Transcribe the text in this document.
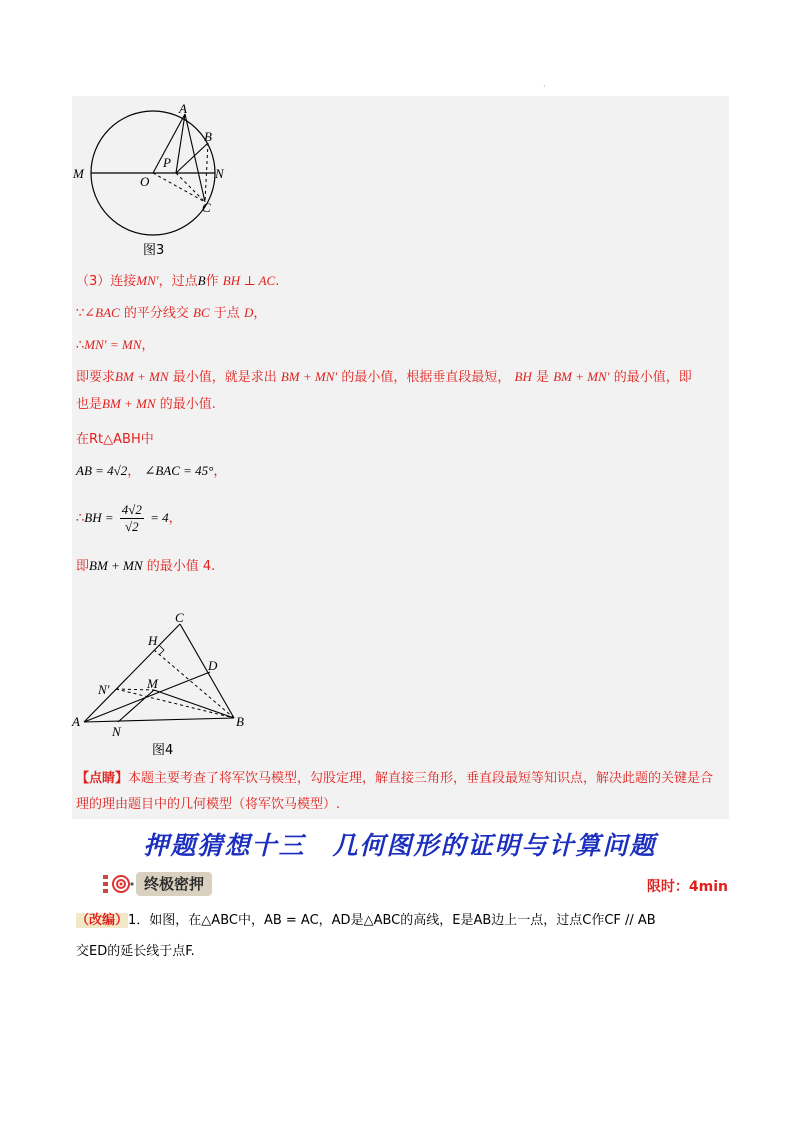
·
A
B
M	N
O
P
C
图3
（3）连接MN′，过点B作 BH ⊥ AC.
∵∠BAC 的平分线交 BC 于点 D，
∴MN′ = MN，
即要求BM + MN 最小值，就是求出 BM + MN′ 的最小值，根据垂直段最短， BH 是 BM + MN′ 的最小值，即
也是BM + MN 的最小值.
在Rt△ABH中
AB = 4√2， ∠BAC = 45°，
∴BH = $\frac{4√2}{√2} = 4$，
即BM + MN 的最小值 4.
C
H
D
N′	M
A	B
N
图4
【点睛】本题主要考查了将军饮马模型，勾股定理，解直接三角形，垂直段最短等知识点，解决此题的关键是合理的理由题目中的几何模型（将军饮马模型）.
押题猜想十三　几何图形的证明与计算问题
终极密押	限时：4min
（改编）1．如图，在△ABC中，AB = AC，AD是△ABC的高线，E是AB边上一点，过点C作CF // AB
交ED的延长线于点F.
